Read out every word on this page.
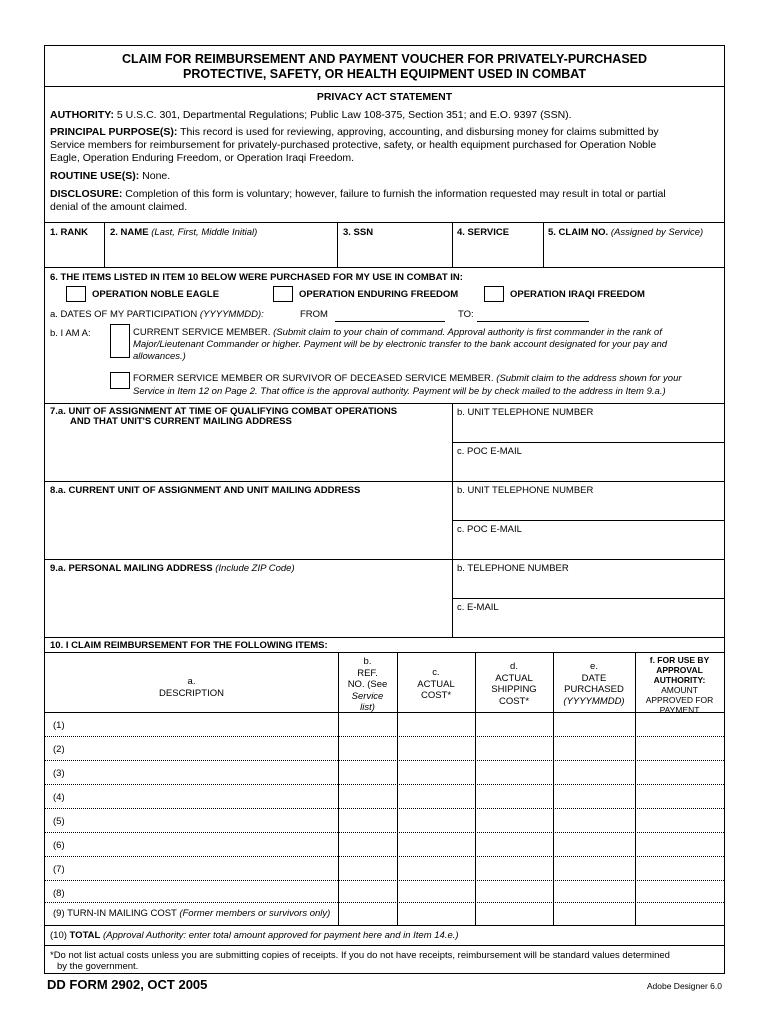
CLAIM FOR REIMBURSEMENT AND PAYMENT VOUCHER FOR PRIVATELY-PURCHASED
PROTECTIVE, SAFETY, OR HEALTH EQUIPMENT USED IN COMBAT
PRIVACY ACT STATEMENT
AUTHORITY: 5 U.S.C. 301, Departmental Regulations; Public Law 108-375, Section 351; and E.O. 9397 (SSN).
PRINCIPAL PURPOSE(S): This record is used for reviewing, approving, accounting, and disbursing money for claims submitted by
Service members for reimbursement for privately-purchased protective, safety, or health equipment purchased for Operation Noble
Eagle, Operation Enduring Freedom, or Operation Iraqi Freedom.
ROUTINE USE(S): None.
DISCLOSURE: Completion of this form is voluntary; however, failure to furnish the information requested may result in total or partial
denial of the amount claimed.
1. RANK 2. NAME (Last, First, Middle Initial)	3. SSN	4. SERVICE	5. CLAIM NO. (Assigned by Service)
6. THE ITEMS LISTED IN ITEM 10 BELOW WERE PURCHASED FOR MY USE IN COMBAT IN:
OPERATION NOBLE EAGLE	OPERATION ENDURING FREEDOM	OPERATION IRAQI FREEDOM
a. DATES OF MY PARTICIPATION (YYYYMMDD):	FROM	TO:
b. I AM A:	CURRENT SERVICE MEMBER. (Submit claim to your chain of command. Approval authority is first commander in the rank of
Major/Lieutenant Commander or higher. Payment will be by electronic transfer to the bank account designated for your pay and
allowances.)
FORMER SERVICE MEMBER OR SURVIVOR OF DECEASED SERVICE MEMBER. (Submit claim to the address shown for your
Service in Item 12 on Page 2. That office is the approval authority. Payment will be by check mailed to the address in Item 9.a.)
7.a. UNIT OF ASSIGNMENT AT TIME OF QUALIFYING COMBAT OPERATIONS
AND THAT UNIT'S CURRENT MAILING ADDRESS
b. UNIT TELEPHONE NUMBER
c. POC E-MAIL
8.a. CURRENT UNIT OF ASSIGNMENT AND UNIT MAILING ADDRESS	b. UNIT TELEPHONE NUMBER
c. POC E-MAIL
9.a. PERSONAL MAILING ADDRESS (Include ZIP Code)	b. TELEPHONE NUMBER
c. E-MAIL
10. I CLAIM REIMBURSEMENT FOR THE FOLLOWING ITEMS:
a.
DESCRIPTION
b.
REF.
NO. (See
Service
list)
c.
ACTUAL
COST*
d.
ACTUAL
SHIPPING
COST*
e.
DATE
PURCHASED
(YYYYMMDD)
f. FOR USE BY
APPROVAL
AUTHORITY:
AMOUNT
APPROVED FOR
PAYMENT
(1)
(2)
(3)
(4)
(5)
(6)
(7)
(8)
(9) TURN-IN MAILING COST (Former members or survivors only)
(10) TOTAL (Approval Authority: enter total amount approved for payment here and in Item 14.e.)
*Do not list actual costs unless you are submitting copies of receipts. If you do not have receipts, reimbursement will be standard values determined
by the government.
DD FORM 2902, OCT 2005	Adobe Designer 6.0
